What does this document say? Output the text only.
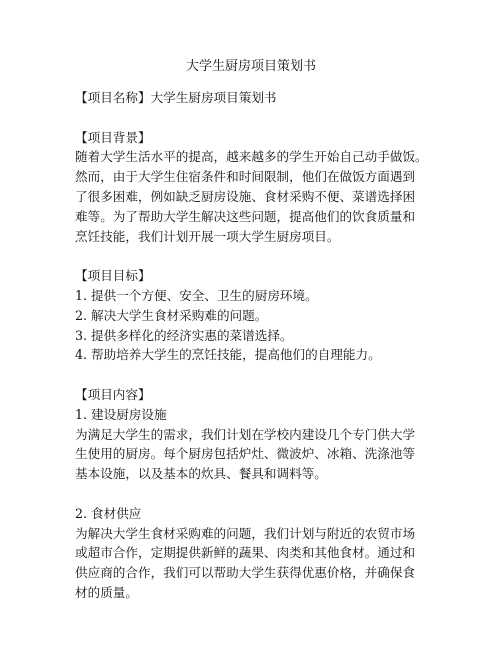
大学生厨房项目策划书
【项目名称】大学生厨房项目策划书
【项目背景】
随着大学生活水平的提高，越来越多的学生开始自己动手做饭。
然而，由于大学生住宿条件和时间限制，他们在做饭方面遇到
了很多困难，例如缺乏厨房设施、食材采购不便、菜谱选择困
难等。为了帮助大学生解决这些问题，提高他们的饮食质量和
烹饪技能，我们计划开展一项大学生厨房项目。
【项目目标】
1. 提供一个方便、安全、卫生的厨房环境。
2. 解决大学生食材采购难的问题。
3. 提供多样化的经济实惠的菜谱选择。
4. 帮助培养大学生的烹饪技能，提高他们的自理能力。
【项目内容】
1. 建设厨房设施
为满足大学生的需求，我们计划在学校内建设几个专门供大学
生使用的厨房。每个厨房包括炉灶、微波炉、冰箱、洗涤池等
基本设施，以及基本的炊具、餐具和调料等。
2. 食材供应
为解决大学生食材采购难的问题，我们计划与附近的农贸市场
或超市合作，定期提供新鲜的蔬果、肉类和其他食材。通过和
供应商的合作，我们可以帮助大学生获得优惠价格，并确保食
材的质量。
